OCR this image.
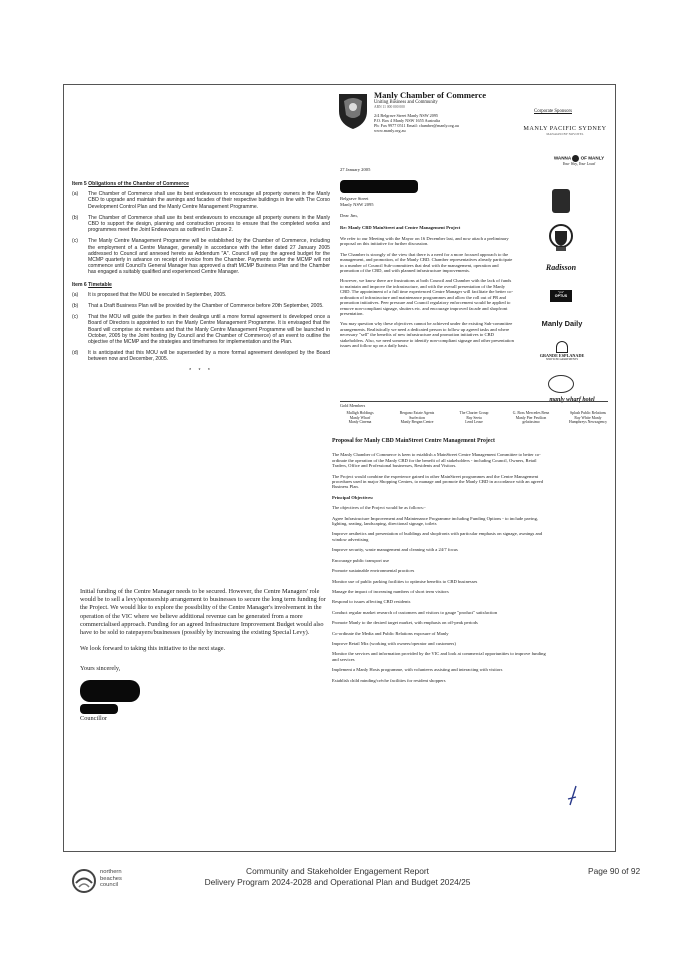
Item 5 Obligations of the Chamber of Commerce
(a)	The Chamber of Commerce shall use its best endeavours to encourage all property owners in the Manly CBD to upgrade and maintain the awnings and facades of their respective buildings in line with The Corso Development Control Plan and the Manly Centre Management Programme.
(b)	The Chamber of Commerce shall use its best endeavours to encourage all property owners in the Manly CBD to support the design, planning and construction process to ensure that the completed works and programmes meet the Joint Endeavours as outlined in Clause 2.
(c)	The Manly Centre Management Programme will be established by the Chamber of Commerce, including the employment of a Centre Manager, generally in accordance with the letter dated 27 January 2005 addressed to Council and annexed hereto as Addendum "A". Council will pay the agreed budget for the MCMP quarterly in advance on receipt of invoice from the Chamber. Payments under the MCMP will not commence until Council's General Manager has approved a draft MCMP Business Plan and the Chamber has engaged a suitably qualified and experienced Centre Manager.
Item 6 Timetable
(a)	It is proposed that the MOU be executed in September, 2005.
(b)	That a Draft Business Plan will be provided by the Chamber of Commerce before 20th September, 2005.
(c)	That the MOU will guide the parties in their dealings until a more formal agreement is developed once a Board of Directors is appointed to run the Manly Centre Management Programme. It is envisaged that the Board will comprise six members and that the Manly Centre Management Programme will be launched in October, 2005 by the Joint hosting (by Council and the Chamber of Commerce) of an event to outline the objective of the MCMP and the strategies and timeframes for implementation and the Plan.
(d)	It is anticipated that this MOU will be superseded by a more formal agreement developed by the Board between now and December, 2005.
* * *
Manly Chamber of Commerce
Uniting Business and Community
ABN 11 000 000 000
2/4 Belgrave Street Manly NSW 2095
P.O. Box 4 Manly NSW 1655 Australia
Ph: Fax 9977 0511 Email: chamber@manly.org.au
www.manly.org.au
Corporate Sponsors
MANLY PACIFIC SYDNEY
MANAGED BY NOVOTEL
WANNA OF MANLY
Your Way, Your Local
Radisson
"yes"
OPTUS
Manly Daily
GRANDE ESPLANADE
SERVICED APARTMENTS
manly wharf hotel
27 January 2005
Belgrave Street
Manly NSW 2095
Dear Jim,
Re: Manly CBD MainStreet and Centre Management Project
We refer to our Meeting with the Mayor on 16 December last, and now attach a preliminary proposal on this initiative for further discussion.
The Chamber is strongly of the view that there is a need for a more focused approach to the management, and promotion, of the Manly CBD. Chamber representatives already participate in a number of Council Sub-committees that deal with the management, operation and promotion of the CBD, and with planned infrastructure improvements.
However, we know there are frustrations at both Council and Chamber with the lack of funds to maintain and improve the infrastructure, and with the overall presentation of the Manly CBD. The appointment of a full time experienced Centre Manager will facilitate the better co-ordination of infrastructure and maintenance programmes and allow the roll out of PR and promotion initiatives. Peer pressure and Council regulatory enforcement would be applied to remove non-compliant signage, shutters etc. and encourage improved facade and shopfront presentation.
You may question why these objectives cannot be achieved under the existing Sub-committee arrangements. Realistically we need a dedicated person to follow up agreed tasks and where necessary "sell" the benefits of new infrastructure and promotion initiatives to CBD stakeholders. Also, we need someone to identify non-compliant signage and other presentation issues and follow up on a daily basis.
Gold Members
Mulligh Holdings
Manly Wharf
Manly Cinema
Bergano Estate Agents
Surfection
Manly Bergan Centre
The Charter Group
Ray Seeta
Lend Lease
G. Boss Mercedes Benz
Manly Pier Pavilion
gelatissimo
Splash Public Relations
Ray White Manly
Humphreys Newsagency
Proposal for Manly CBD MainStreet Centre Management Project
The Manly Chamber of Commerce is keen to establish a MainStreet Centre Management Committee to better co-ordinate the operation of the Manly CBD for the benefit of all stakeholders - including Council, Owners, Retail Traders, Office and Professional businesses, Residents and Visitors.
The Project would combine the experience gained in other MainStreet programmes and the Centre Management procedures used in major Shopping Centres, to manage and promote the Manly CBD in accordance with an agreed Business Plan.
Principal Objectives:
The objectives of the Project would be as follows:-
Agree Infrastructure Improvement and Maintenance Programme including Funding Options - to include paving, lighting, seating, landscaping, directional signage, toilets
Improve aesthetics and presentation of buildings and shopfronts with particular emphasis on signage, awnings and window advertising
Improve security, waste management and cleaning with a 24/7 focus
Encourage public transport use
Promote sustainable environmental practices
Monitor use of public parking facilities to optimise benefits to CBD businesses
Manage the impact of increasing numbers of short term visitors
Respond to issues affecting CBD residents
Conduct regular market research of customers and visitors to gauge "product" satisfaction
Promote Manly to the desired target market, with emphasis on off-peak periods
Co-ordinate the Media and Public Relations exposure of Manly
Improve Retail Mix (working with owners/operator and customers)
Monitor the services and information provided by the VIC and look at commercial opportunities to improve funding and services
Implement a Manly Hosts programme, with volunteers assisting and interacting with visitors
Establish child minding/crèche facilities for resident shoppers
Initial funding of the Centre Manager needs to be secured. However, the Centre Managers' role would be to sell a levy/sponsorship arrangement to businesses to secure the long term funding for the Project. We would like to explore the possibility of the Centre Manager's involvement in the operation of the VIC where we believe additional revenue can be generated from a more commercialised approach. Funding for an agreed Infrastructure Improvement Budget would also have to be sold to ratepayers/businesses (possibly by increasing the existing Special Levy).
We look forward to taking this initiative to the next stage.
Yours sincerely,
Councillor
northern
beaches
council
Community and Stakeholder Engagement Report
Delivery Program 2024-2028 and Operational Plan and Budget 2024/25
Page 90 of 92
